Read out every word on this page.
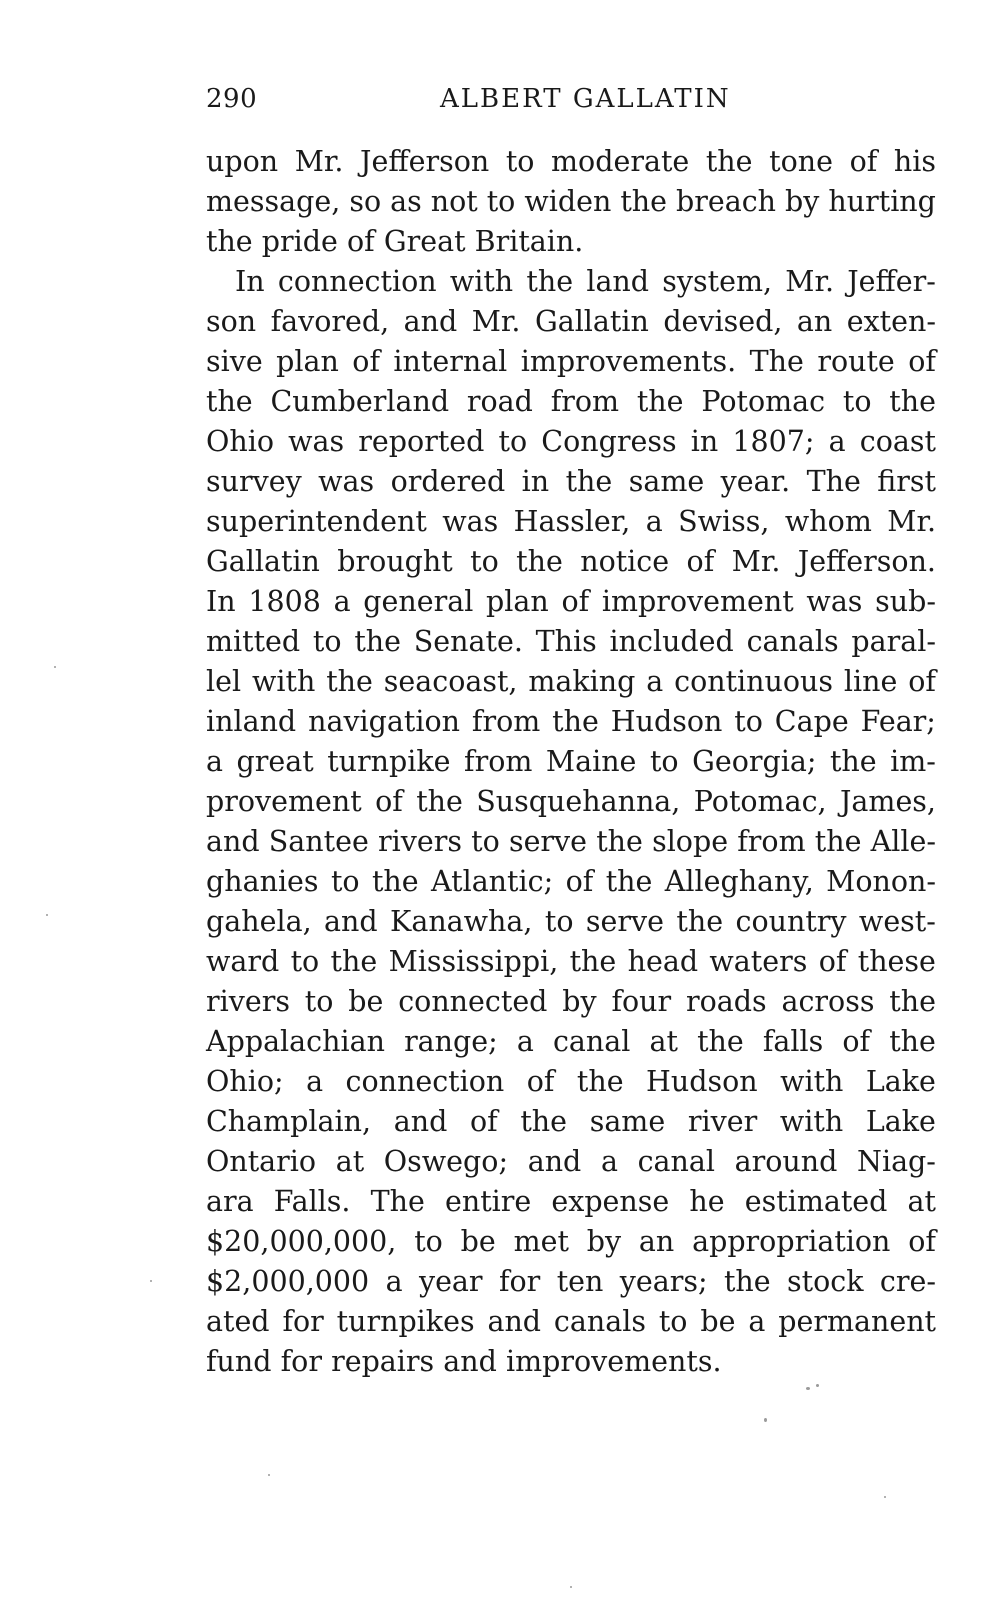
290	ALBERT GALLATIN
upon Mr. Jefferson to moderate the tone of his
message, so as not to widen the breach by hurting
the pride of Great Britain.
In connection with the land system, Mr. Jeffer-
son favored, and Mr. Gallatin devised, an exten-
sive plan of internal improvements. The route of
the Cumberland road from the Potomac to the
Ohio was reported to Congress in 1807; a coast
survey was ordered in the same year. The first
superintendent was Hassler, a Swiss, whom Mr.
Gallatin brought to the notice of Mr. Jefferson.
In 1808 a general plan of improvement was sub-
mitted to the Senate. This included canals paral-
lel with the seacoast, making a continuous line of
inland navigation from the Hudson to Cape Fear;
a great turnpike from Maine to Georgia; the im-
provement of the Susquehanna, Potomac, James,
and Santee rivers to serve the slope from the Alle-
ghanies to the Atlantic; of the Alleghany, Monon-
gahela, and Kanawha, to serve the country west-
ward to the Mississippi, the head waters of these
rivers to be connected by four roads across the
Appalachian range; a canal at the falls of the
Ohio; a connection of the Hudson with Lake
Champlain, and of the same river with Lake
Ontario at Oswego; and a canal around Niag-
ara Falls. The entire expense he estimated at
$20,000,000, to be met by an appropriation of
$2,000,000 a year for ten years; the stock cre-
ated for turnpikes and canals to be a permanent
fund for repairs and improvements.
